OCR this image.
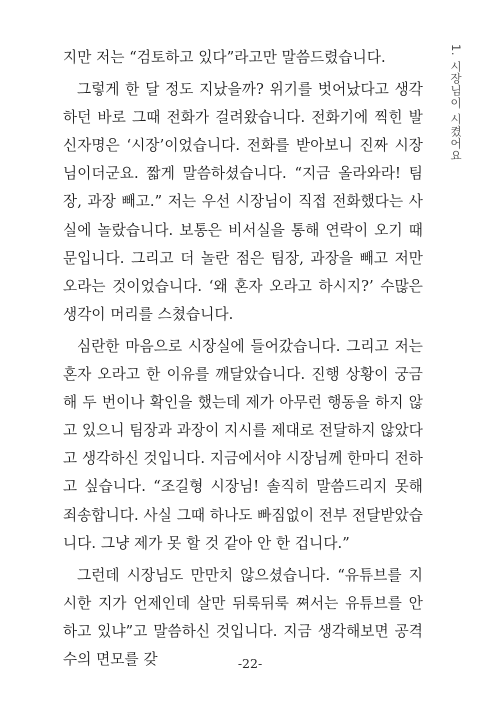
1. 시장님이 시켰어요

지만 저는 “검토하고 있다”라고만 말씀드렸습니다.

그렇게 한 달 정도 지났을까? 위기를 벗어났다고 생각하던 바로 그때 전화가 걸려왔습니다. 전화기에 찍힌 발신자명은 ‘시장’이었습니다. 전화를 받아보니 진짜 시장님이더군요. 짧게 말씀하셨습니다. “지금 올라와라! 팀장, 과장 빼고.” 저는 우선 시장님이 직접 전화했다는 사실에 놀랐습니다. 보통은 비서실을 통해 연락이 오기 때문입니다. 그리고 더 놀란 점은 팀장, 과장을 빼고 저만 오라는 것이었습니다. ‘왜 혼자 오라고 하시지?’ 수많은 생각이 머리를 스쳤습니다.

심란한 마음으로 시장실에 들어갔습니다. 그리고 저는 혼자 오라고 한 이유를 깨달았습니다. 진행 상황이 궁금해 두 번이나 확인을 했는데 제가 아무런 행동을 하지 않고 있으니 팀장과 과장이 지시를 제대로 전달하지 않았다고 생각하신 것입니다. 지금에서야 시장님께 한마디 전하고 싶습니다. “조길형 시장님! 솔직히 말씀드리지 못해 죄송합니다. 사실 그때 하나도 빠짐없이 전부 전달받았습니다. 그냥 제가 못 할 것 같아 안 한 겁니다.”

그런데 시장님도 만만치 않으셨습니다. “유튜브를 지시한 지가 언제인데 살만 뒤룩뒤룩 쪄서는 유튜브를 안 하고 있냐”고 말씀하신 것입니다. 지금 생각해보면 공격수의 면모를 갖	-22-
